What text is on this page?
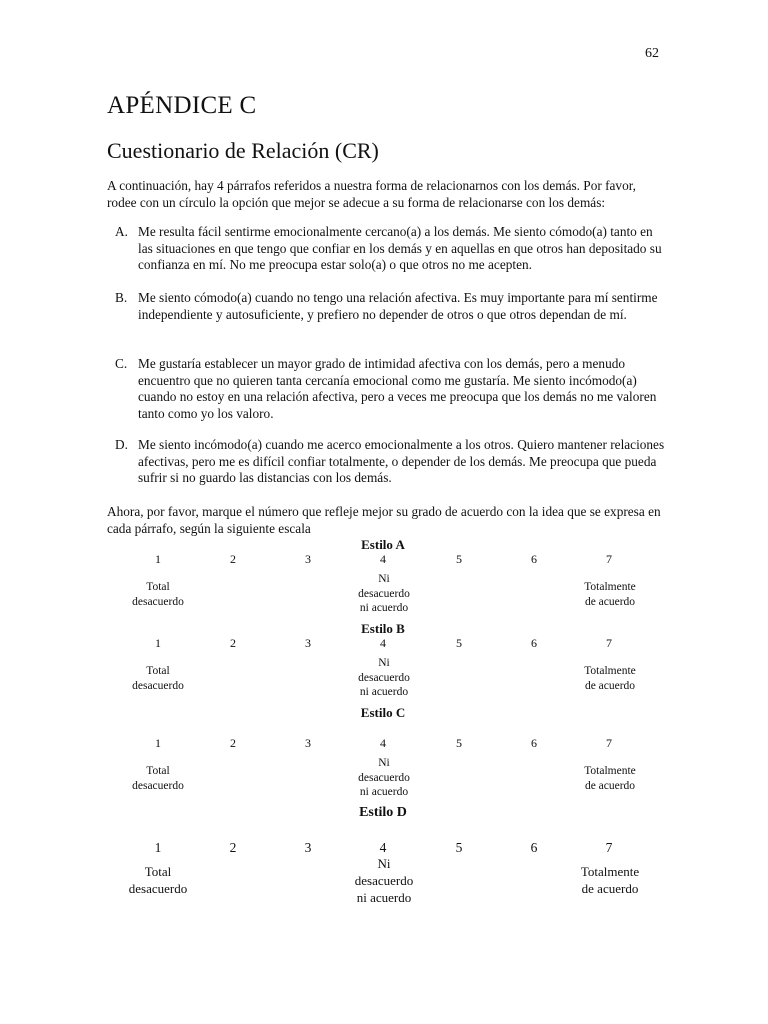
62
APÉNDICE C
Cuestionario de Relación (CR)
A continuación, hay 4 párrafos referidos a nuestra forma de relacionarnos con los demás. Por favor, rodee con un círculo la opción que mejor se adecue a su forma de relacionarse con los demás:
A. Me resulta fácil sentirme emocionalmente cercano(a) a los demás. Me siento cómodo(a) tanto en las situaciones en que tengo que confiar en los demás y en aquellas en que otros han depositado su confianza en mí. No me preocupa estar solo(a) o que otros no me acepten.
B. Me siento cómodo(a) cuando no tengo una relación afectiva. Es muy importante para mí sentirme independiente y autosuficiente, y prefiero no depender de otros o que otros dependan de mí.
C. Me gustaría establecer un mayor grado de intimidad afectiva con los demás, pero a menudo encuentro que no quieren tanta cercanía emocional como me gustaría. Me siento incómodo(a) cuando no estoy en una relación afectiva, pero a veces me preocupa que los demás no me valoren tanto como yo los valoro.
D. Me siento incómodo(a) cuando me acerco emocionalmente a los otros. Quiero mantener relaciones afectivas, pero me es difícil confiar totalmente, o depender de los demás. Me preocupa que pueda sufrir si no guardo las distancias con los demás.
Ahora, por favor, marque el número que refleje mejor su grado de acuerdo con la idea que se expresa en cada párrafo, según la siguiente escala
Estilo A
1	2	3	4	5	6	7
Total
desacuerdo
Ni
desacuerdo
ni acuerdo
Totalmente
de acuerdo
Estilo B
1	2	3	4	5	6	7
Total
desacuerdo
Ni
desacuerdo
ni acuerdo
Totalmente
de acuerdo
Estilo C
1	2	3	4	5	6	7
Total
desacuerdo
Ni
desacuerdo
ni acuerdo
Totalmente
de acuerdo
Estilo D
1	2	3	4	5	6	7
Total
desacuerdo
Ni
desacuerdo
ni acuerdo
Totalmente
de acuerdo
